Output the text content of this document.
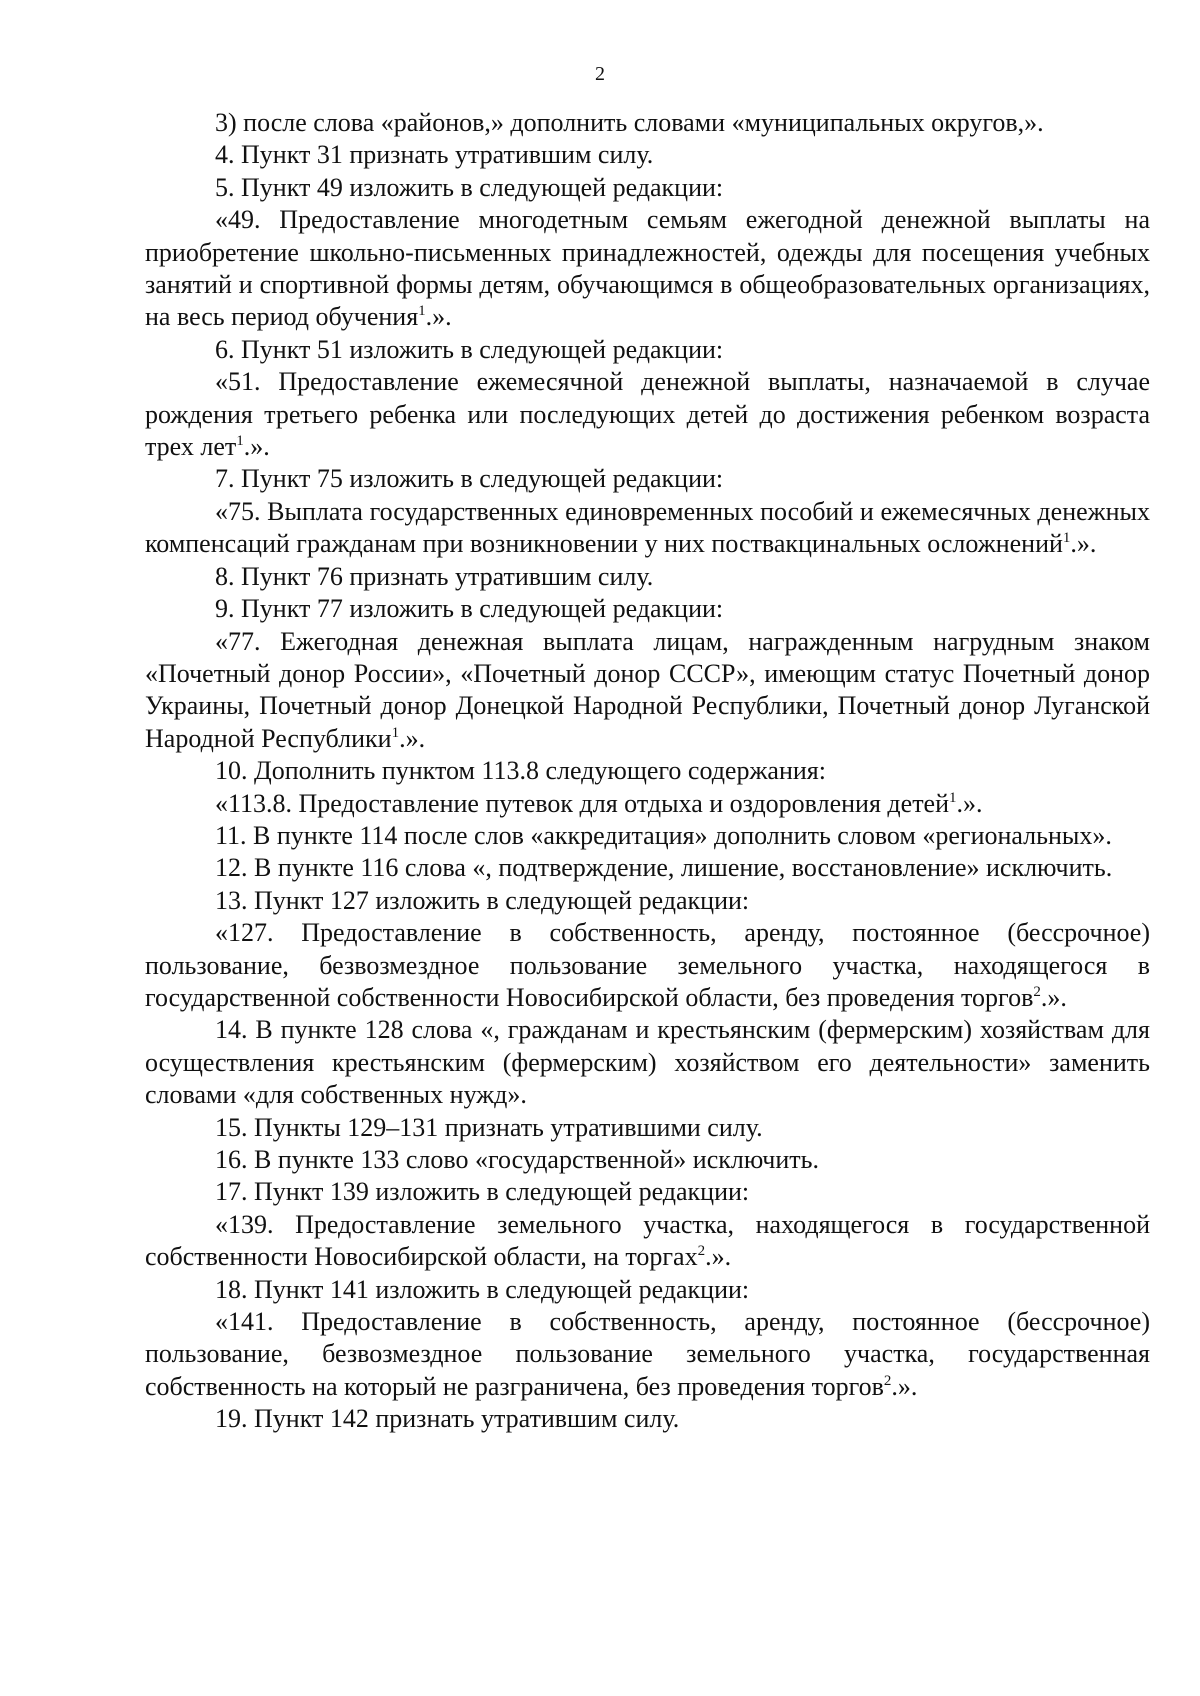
2

3) после слова «районов,» дополнить словами «муниципальных округов,».

4. Пункт 31 признать утратившим силу.

5. Пункт 49 изложить в следующей редакции:

«49. Предоставление многодетным семьям ежегодной денежной выплаты на приобретение школьно-письменных принадлежностей, одежды для посещения учебных занятий и спортивной формы детям, обучающимся в общеобразовательных организациях, на весь период обучения$^1$.».

6. Пункт 51 изложить в следующей редакции:

«51. Предоставление ежемесячной денежной выплаты, назначаемой в случае рождения третьего ребенка или последующих детей до достижения ребенком возраста трех лет$^1$.».

7. Пункт 75 изложить в следующей редакции:

«75. Выплата государственных единовременных пособий и ежемесячных денежных компенсаций гражданам при возникновении у них поствакцинальных осложнений$^1$.».

8. Пункт 76 признать утратившим силу.

9. Пункт 77 изложить в следующей редакции:

«77. Ежегодная денежная выплата лицам, награжденным нагрудным знаком «Почетный донор России», «Почетный донор СССР», имеющим статус Почетный донор Украины, Почетный донор Донецкой Народной Республики, Почетный донор Луганской Народной Республики$^1$.».

10. Дополнить пунктом 113.8 следующего содержания:

«113.8. Предоставление путевок для отдыха и оздоровления детей$^1$.».

11. В пункте 114 после слов «аккредитация» дополнить словом «региональных».

12. В пункте 116 слова «, подтверждение, лишение, восстановление» исключить.

13. Пункт 127 изложить в следующей редакции:

«127. Предоставление в собственность, аренду, постоянное (бессрочное) пользование, безвозмездное пользование земельного участка, находящегося в государственной собственности Новосибирской области, без проведения торгов$^2$.».

14. В пункте 128 слова «, гражданам и крестьянским (фермерским) хозяйствам для осуществления крестьянским (фермерским) хозяйством его деятельности» заменить словами «для собственных нужд».

15. Пункты 129–131 признать утратившими силу.

16. В пункте 133 слово «государственной» исключить.

17. Пункт 139 изложить в следующей редакции:

«139. Предоставление земельного участка, находящегося в государственной собственности Новосибирской области, на торгах$^2$.».

18. Пункт 141 изложить в следующей редакции:

«141. Предоставление в собственность, аренду, постоянное (бессрочное) пользование, безвозмездное пользование земельного участка, государственная собственность на который не разграничена, без проведения торгов$^2$.».

19. Пункт 142 признать утратившим силу.
